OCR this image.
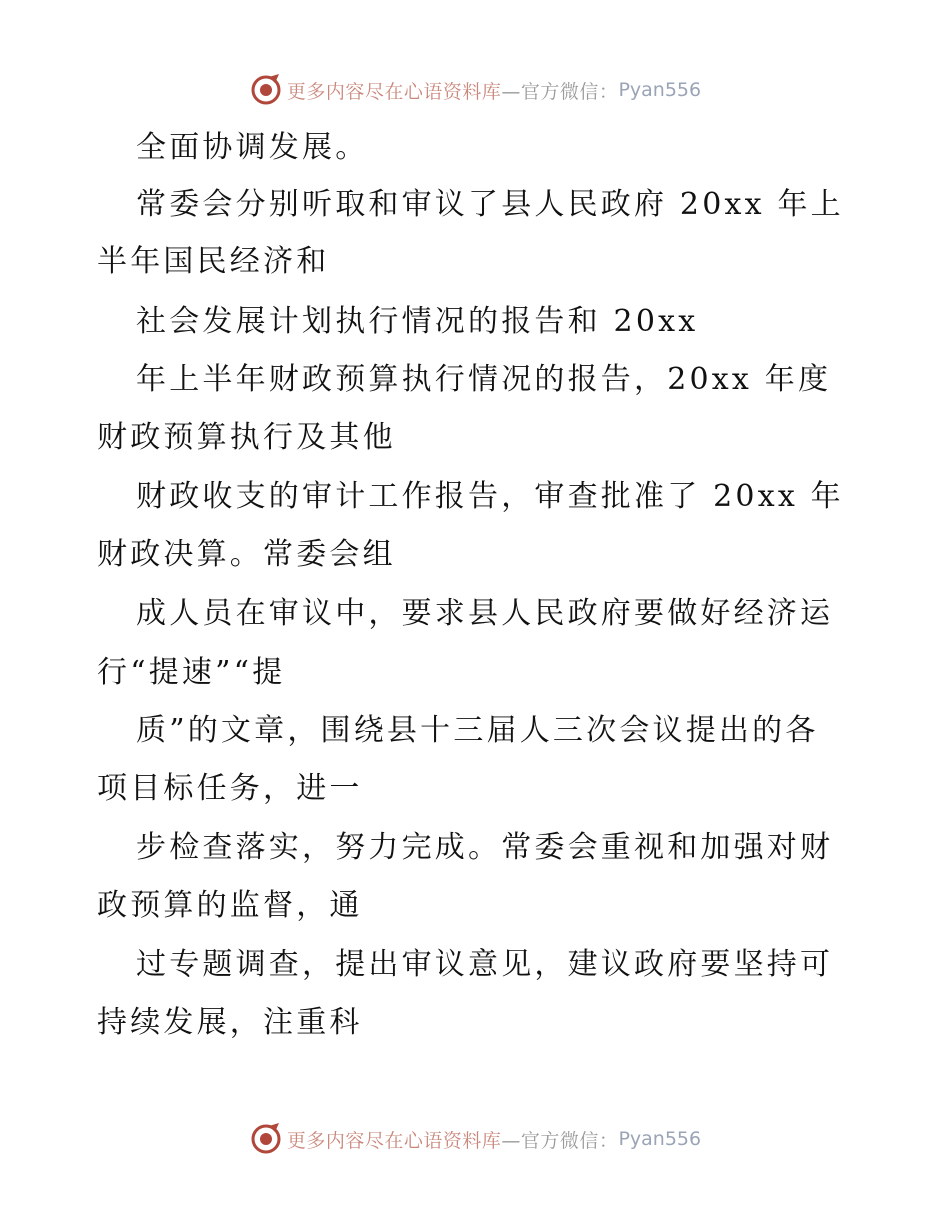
更多内容尽在心语资料库 —官方微信： Pyan556
全面协调发展。
常委会分别听取和审议了县人民政府 20xx 年上
半年国民经济和
社会发展计划执行情况的报告和 20xx
年上半年财政预算执行情况的报告，20xx 年度
财政预算执行及其他
财政收支的审计工作报告，审查批准了 20xx 年
财政决算。常委会组
成人员在审议中，要求县人民政府要做好经济运
行“提速”“提
质”的文章，围绕县十三届人三次会议提出的各
项目标任务，进一
步检查落实，努力完成。常委会重视和加强对财
政预算的监督，通
过专题调查，提出审议意见，建议政府要坚持可
持续发展，注重科
更多内容尽在心语资料库 —官方微信： Pyan556
